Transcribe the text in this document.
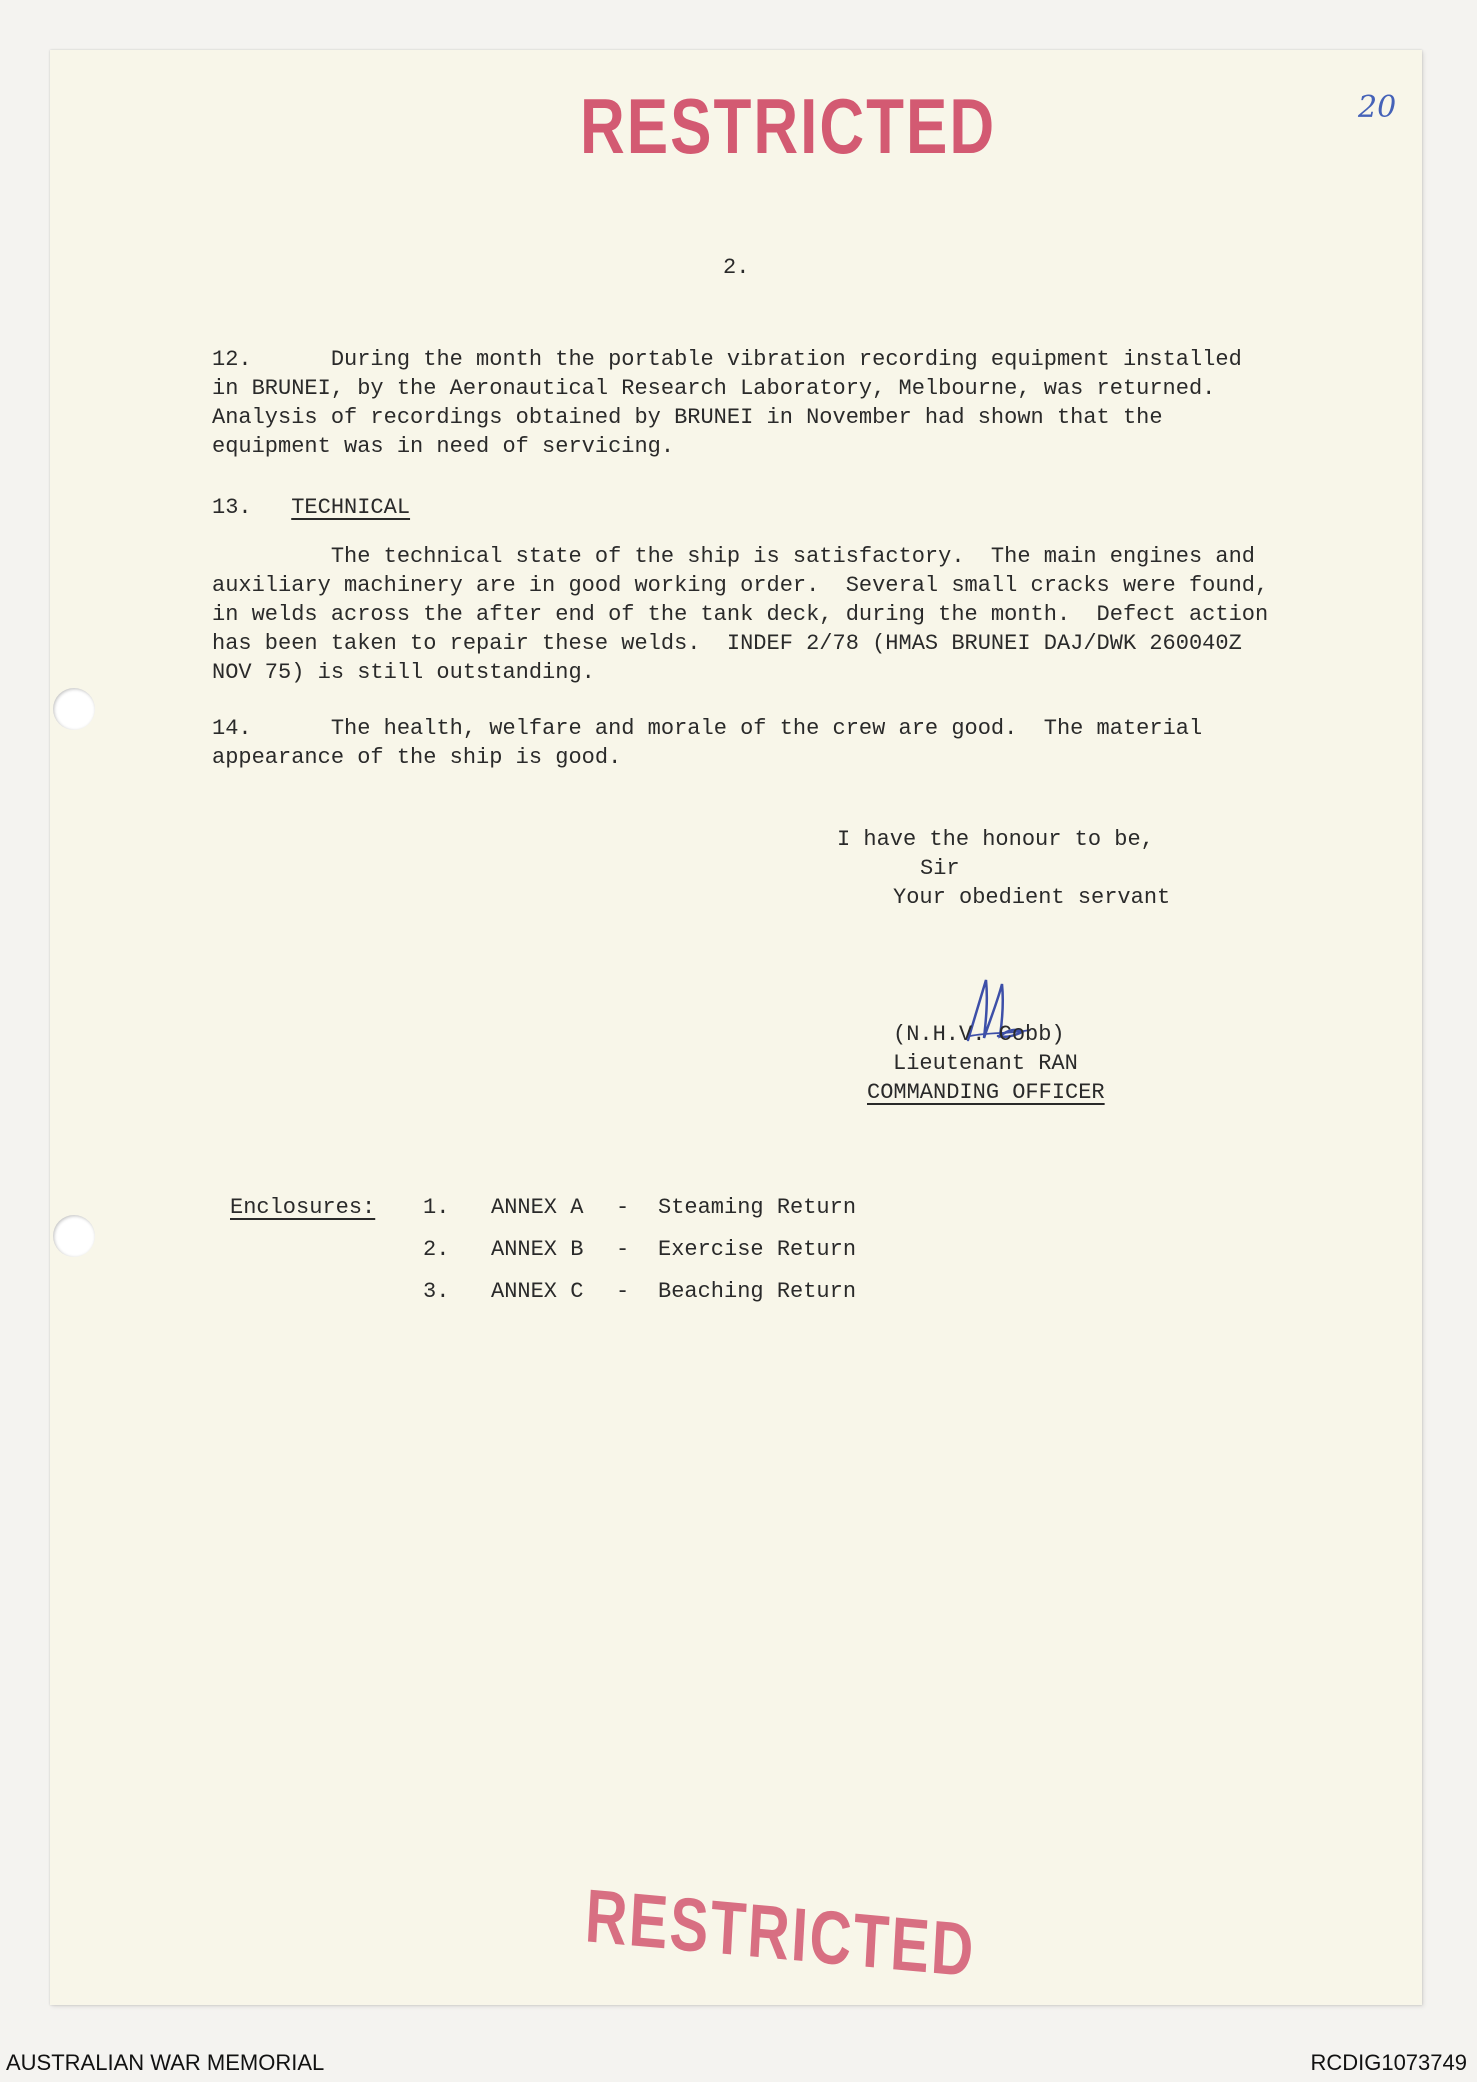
RESTRICTED	20
2.
12.	During the month the portable vibration recording equipment installed
in BRUNEI, by the Aeronautical Research Laboratory, Melbourne, was returned.
Analysis of recordings obtained by BRUNEI in November had shown that the
equipment was in need of servicing.
13. TECHNICAL
The technical state of the ship is satisfactory.  The main engines and
auxiliary machinery are in good working order.  Several small cracks were found,
in welds across the after end of the tank deck, during the month.  Defect action
has been taken to repair these welds.  INDEF 2/78 (HMAS BRUNEI DAJ/DWK 260040Z
NOV 75) is still outstanding.
14.	The health, welfare and morale of the crew are good.  The material
appearance of the ship is good.
I have the honour to be,
Sir
Your obedient servant
(N.H.V. Cobb)
Lieutenant RAN
COMMANDING OFFICER
Enclosures: 1. ANNEX A - Steaming Return
2. ANNEX B - Exercise Return
3. ANNEX C - Beaching Return
RESTRICTED
AUSTRALIAN WAR MEMORIAL	RCDIG1073749
